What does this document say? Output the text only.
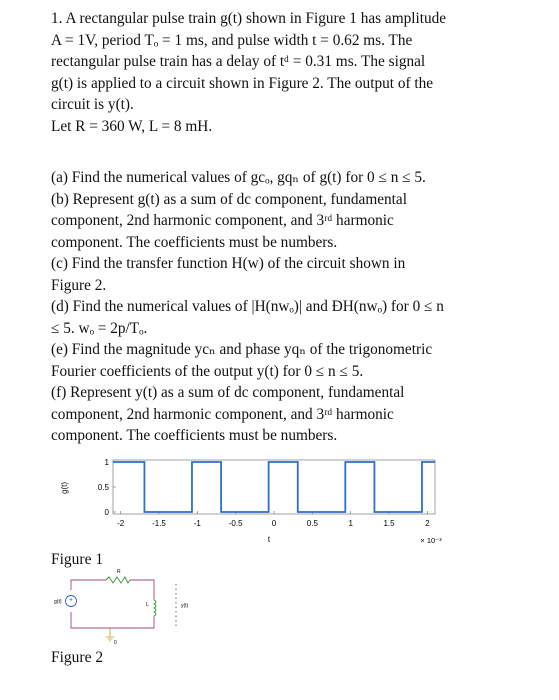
1. A rectangular pulse train g(t) shown in Figure 1 has amplitude

A = 1V, period Tₒ = 1 ms, and pulse width t = 0.62 ms. The

rectangular pulse train has a delay of tᵈ = 0.31 ms. The signal

g(t) is applied to a circuit shown in Figure 2. The output of the

circuit is y(t).

Let R = 360 W, L = 8 mH.

(a) Find the numerical values of gcₒ, gqₙ of g(t) for 0 ≤ n ≤ 5.

(b) Represent g(t) as a sum of dc component, fundamental

component, 2nd harmonic component, and 3ʳᵈ harmonic

component. The coefficients must be numbers.

(c) Find the transfer function H(w) of the circuit shown in

Figure 2.

(d) Find the numerical values of |H(nwₒ)| and ÐH(nwₒ) for 0 ≤ n

≤ 5. wₒ = 2p/Tₒ.

(e) Find the magnitude ycₙ and phase yqₙ of the trigonometric

Fourier coefficients of the output y(t) for 0 ≤ n ≤ 5.

(f) Represent y(t) as a sum of dc component, fundamental

component, 2nd harmonic component, and 3ʳᵈ harmonic

component. The coefficients must be numbers.

g(t)
t	× 10⁻³
-2	-1.5	-1	-0.5	0	0.5	1	1.5	2
0
0.5
1
Figure 1
g(t)
R
L	y(t)
0
Figure 2
